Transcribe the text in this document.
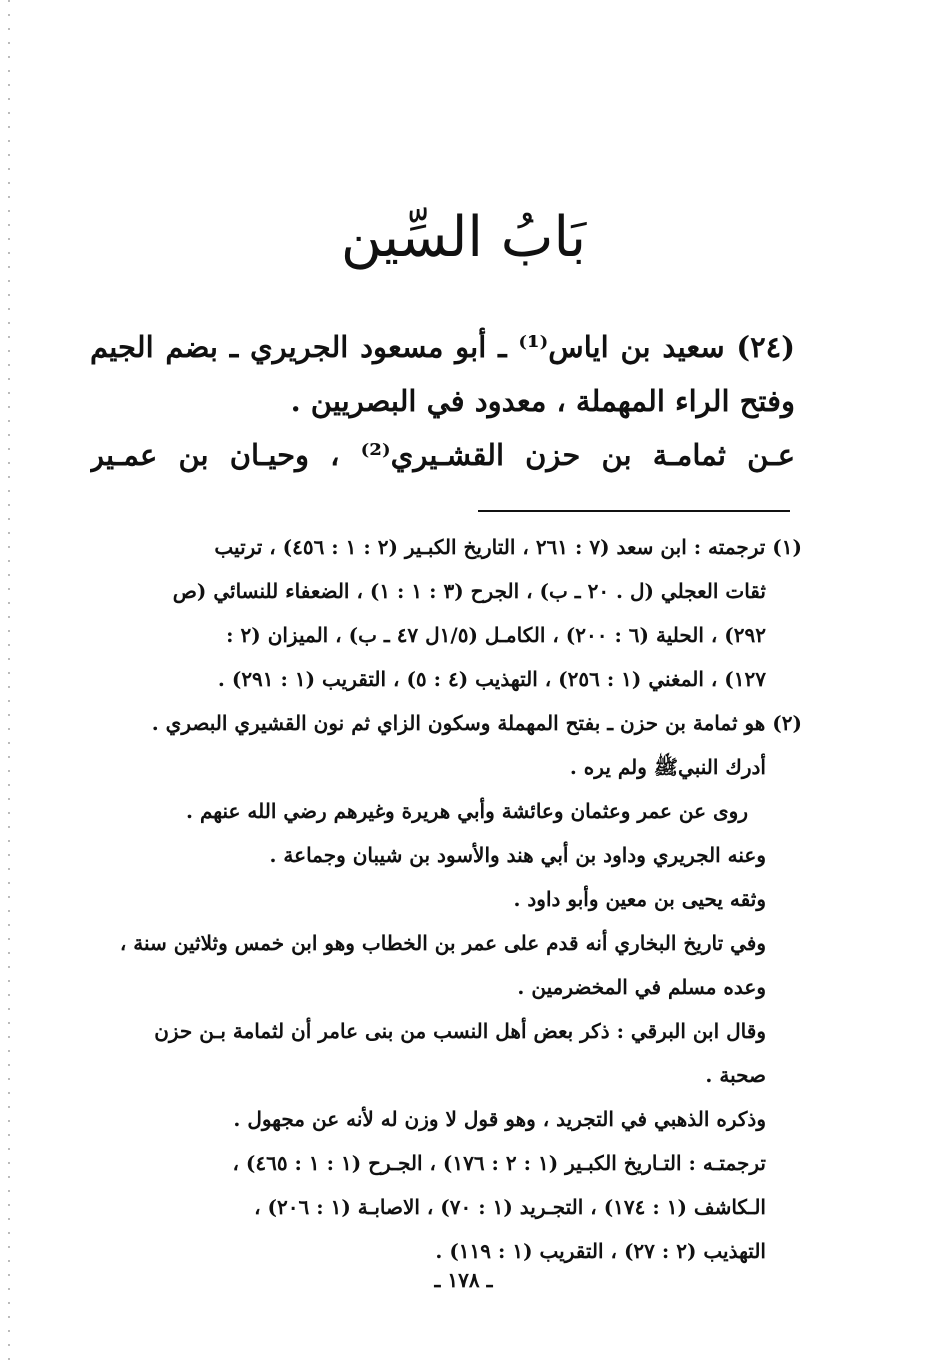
بَابُ السِّين
(٢٤) سعيد بن اياس⁽¹⁾ ـ أبو مسعود الجريري ـ بضم الجيم
وفتح الراء المهملة ، معدود في البصريين .
عـن ثمامـة بن حزن القشـيري⁽²⁾ ، وحيـان بن عمـير
(١) ترجمته : ابن سعد (٧ : ٢٦١ ، التاريخ الكبـير (٢ : ١ : ٤٥٦) ، ترتيب
ثقات العجلي (ل . ٢٠ ـ ب) ، الجرح (٣ : ١ : ١) ، الضعفاء للنسائي (ص
٢٩٢) ، الحلية (٦ : ٢٠٠) ، الكامـل (١/٥ل ٤٧ ـ ب) ، الميزان (٢ :
١٢٧) ، المغني (١ : ٢٥٦) ، التهذيب (٤ : ٥) ، التقريب (١ : ٢٩١) .
(٢) هو ثمامة بن حزن ـ بفتح المهملة وسكون الزاي ثم نون القشيري البصري .
أدرك النبيﷺ ولم يره .
روى عن عمر وعثمان وعائشة وأبي هريرة وغيرهم رضي الله عنهم .
وعنه الجريري وداود بن أبي هند والأسود بن شيبان وجماعة .
وثقه يحيى بن معين وأبو داود .
وفي تاريخ البخاري أنه قدم على عمر بن الخطاب وهو ابن خمس وثلاثين سنة ،
وعده مسلم في المخضرمين .
وقال ابن البرقي : ذكر بعض أهل النسب من بنى عامر أن لثمامة بـن حزن
صحبة .
وذكره الذهبي في التجريد ، وهو قول لا وزن له لأنه عن مجهول .
ترجمتـه : التـاريخ الكبـير (١ : ٢ : ١٧٦) ، الجـرح (١ : ١ : ٤٦٥) ،
الـكاشف (١ : ١٧٤) ، التجـريد (١ : ٧٠) ، الاصابـة (١ : ٢٠٦) ،
التهذيب (٢ : ٢٧) ، التقريب (١ : ١١٩) .
ـ ١٧٨ ـ
